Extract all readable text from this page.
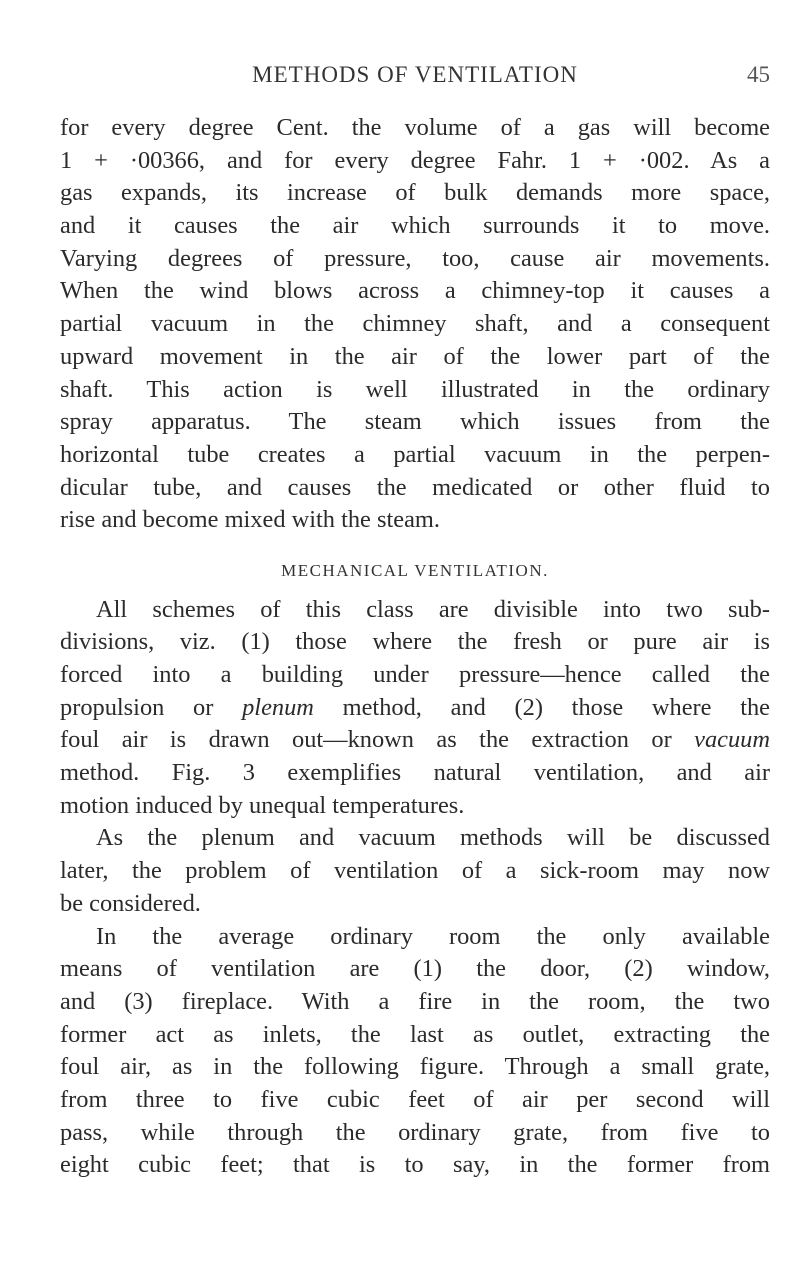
METHODS OF VENTILATION	45
for every degree Cent. the volume of a gas will become
1 + ·00366, and for every degree Fahr. 1 + ·002. As a
gas expands, its increase of bulk demands more space,
and it causes the air which surrounds it to move.
Varying degrees of pressure, too, cause air movements.
When the wind blows across a chimney-top it causes a
partial vacuum in the chimney shaft, and a consequent
upward movement in the air of the lower part of the
shaft. This action is well illustrated in the ordinary
spray apparatus. The steam which issues from the
horizontal tube creates a partial vacuum in the perpen-
dicular tube, and causes the medicated or other fluid to
rise and become mixed with the steam.
MECHANICAL VENTILATION.
All schemes of this class are divisible into two sub-
divisions, viz. (1) those where the fresh or pure air is
forced into a building under pressure—hence called the
propulsion or plenum method, and (2) those where the
foul air is drawn out—known as the extraction or vacuum
method. Fig. 3 exemplifies natural ventilation, and air
motion induced by unequal temperatures.
As the plenum and vacuum methods will be discussed
later, the problem of ventilation of a sick-room may now
be considered.
In the average ordinary room the only available
means of ventilation are (1) the door, (2) window,
and (3) fireplace. With a fire in the room, the two
former act as inlets, the last as outlet, extracting the
foul air, as in the following figure. Through a small grate,
from three to five cubic feet of air per second will
pass, while through the ordinary grate, from five to
eight cubic feet; that is to say, in the former from
